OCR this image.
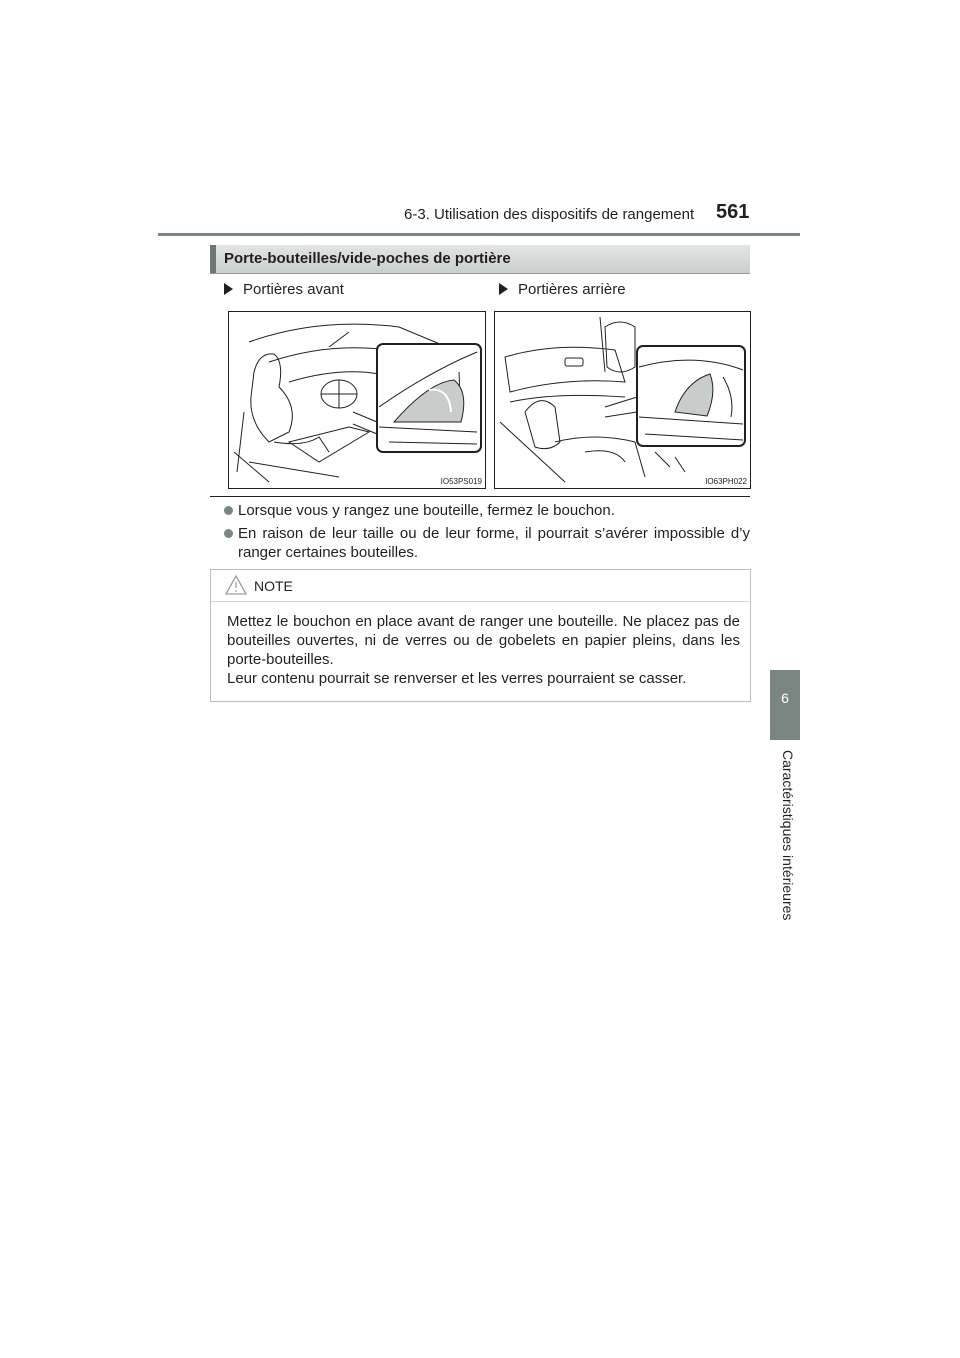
6-3. Utilisation des dispositifs de rangement 561
6
Caractéristiques intérieures
Porte-bouteilles/vide-poches de portière
Portières avant	Portières arrière
IO53PS019	IO63PH022
Lorsque vous y rangez une bouteille, fermez le bouchon.
En raison de leur taille ou de leur forme, il pourrait s’avérer impossible d’y ranger certaines bouteilles.
NOTE

Mettez le bouchon en place avant de ranger une bouteille. Ne placez pas de bouteilles ouvertes, ni de verres ou de gobelets en papier pleins, dans les porte-bouteilles.

Leur contenu pourrait se renverser et les verres pourraient se casser.
